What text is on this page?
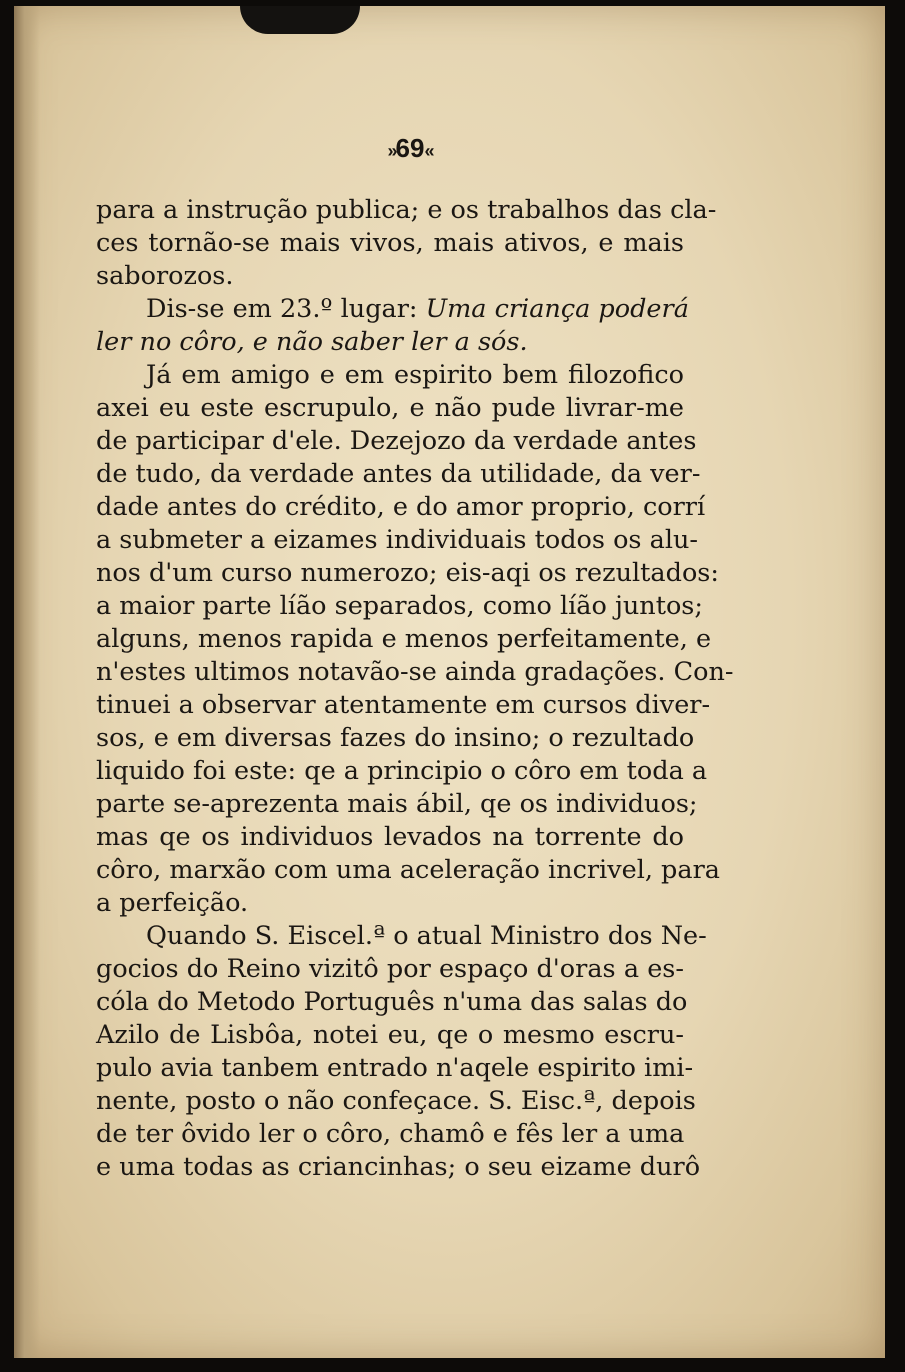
»69«
para a instrução publica; e os trabalhos das cla-
ces tornão-se mais vivos, mais ativos, e mais
saborozos.
Dis-se em 23.º lugar: Uma criança poderá
ler no côro, e não saber ler a sós.
Já em amigo e em espirito bem filozofico
axei eu este escrupulo, e não pude livrar-me
de participar d'ele. Dezejozo da verdade antes
de tudo, da verdade antes da utilidade, da ver-
dade antes do crédito, e do amor proprio, corrí
a submeter a eizames individuais todos os alu-
nos d'um curso numerozo; eis-aqi os rezultados:
a maior parte líão separados, como líão juntos;
alguns, menos rapida e menos perfeitamente, e
n'estes ultimos notavão-se ainda gradações. Con-
tinuei a observar atentamente em cursos diver-
sos, e em diversas fazes do insino; o rezultado
liquido foi este: qe a principio o côro em toda a
parte se-aprezenta mais ábil, qe os individuos;
mas qe os individuos levados na torrente do
côro, marxão com uma aceleração incrivel, para
a perfeição.
Quando S. Eiscel.ª o atual Ministro dos Ne-
gocios do Reino vizitô por espaço d'oras a es-
cóla do Metodo Português n'uma das salas do
Azilo de Lisbôa, notei eu, qe o mesmo escru-
pulo avia tanbem entrado n'aqele espirito imi-
nente, posto o não confeçace. S. Eisc.ª, depois
de ter ôvido ler o côro, chamô e fês ler a uma
e uma todas as criancinhas; o seu eizame durô
